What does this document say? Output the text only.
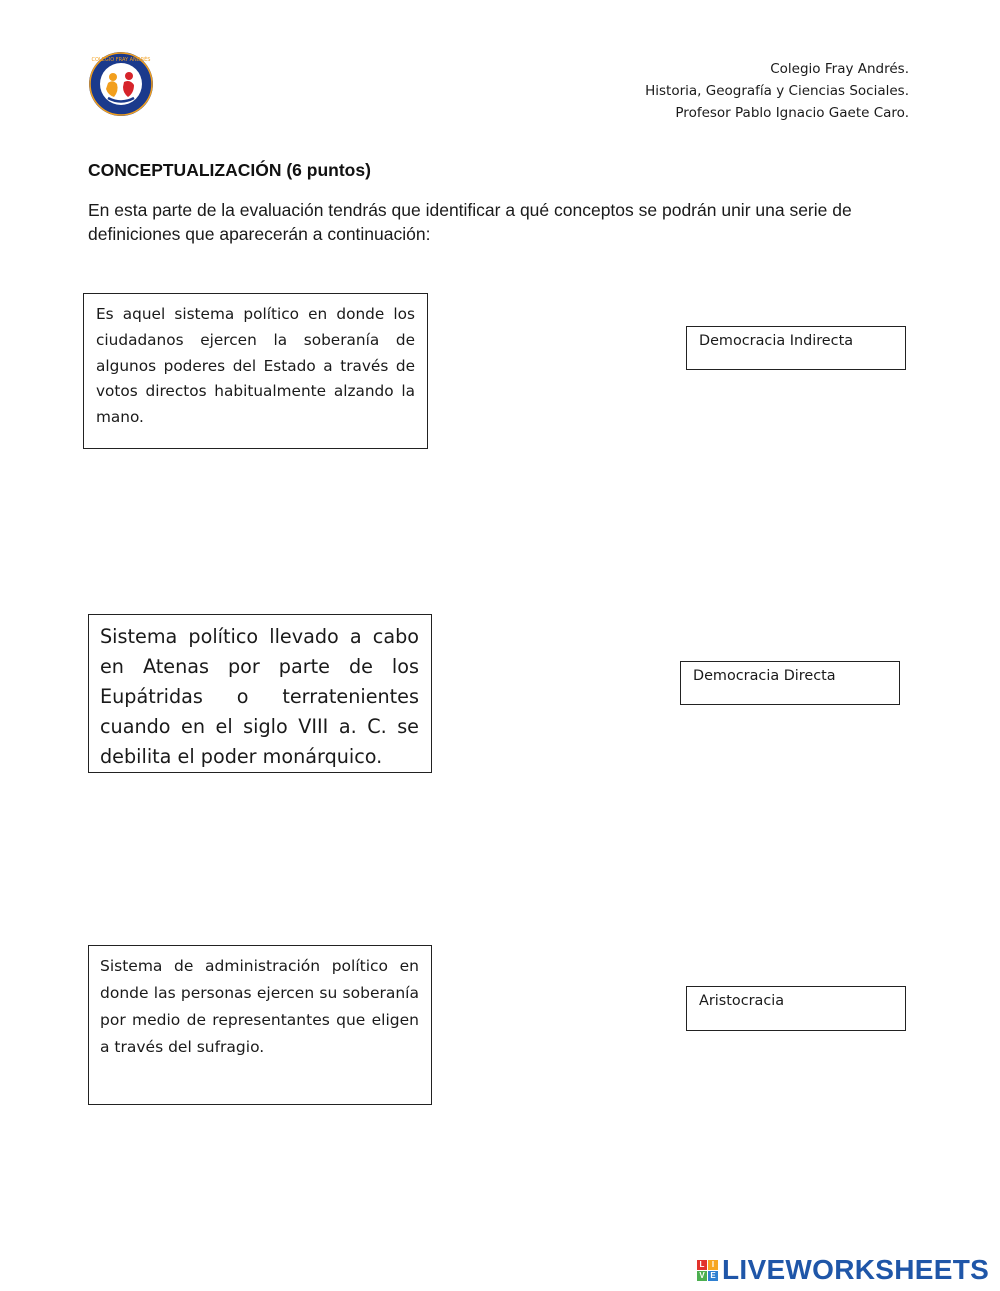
COLEGIO FRAY ANDRÉS
Colegio Fray Andrés.
Historia, Geografía y Ciencias Sociales.
Profesor Pablo Ignacio Gaete Caro.
CONCEPTUALIZACIÓN (6 puntos)
En esta parte de la evaluación tendrás que identificar a qué conceptos se podrán unir una serie de definiciones que aparecerán a continuación:
Es aquel sistema político en donde los ciudadanos ejercen la soberanía de algunos poderes del Estado a través de votos directos habitualmente alzando la mano.
Sistema político llevado a cabo en Atenas por parte de los Eupátridas o terratenientes cuando en el siglo VIII a. C. se debilita el poder monárquico.
Sistema de administración político en donde las personas ejercen su soberanía por medio de representantes que eligen a través del sufragio.
Democracia Indirecta
Democracia Directa
Aristocracia
L I
V E LIVEWORKSHEETS
